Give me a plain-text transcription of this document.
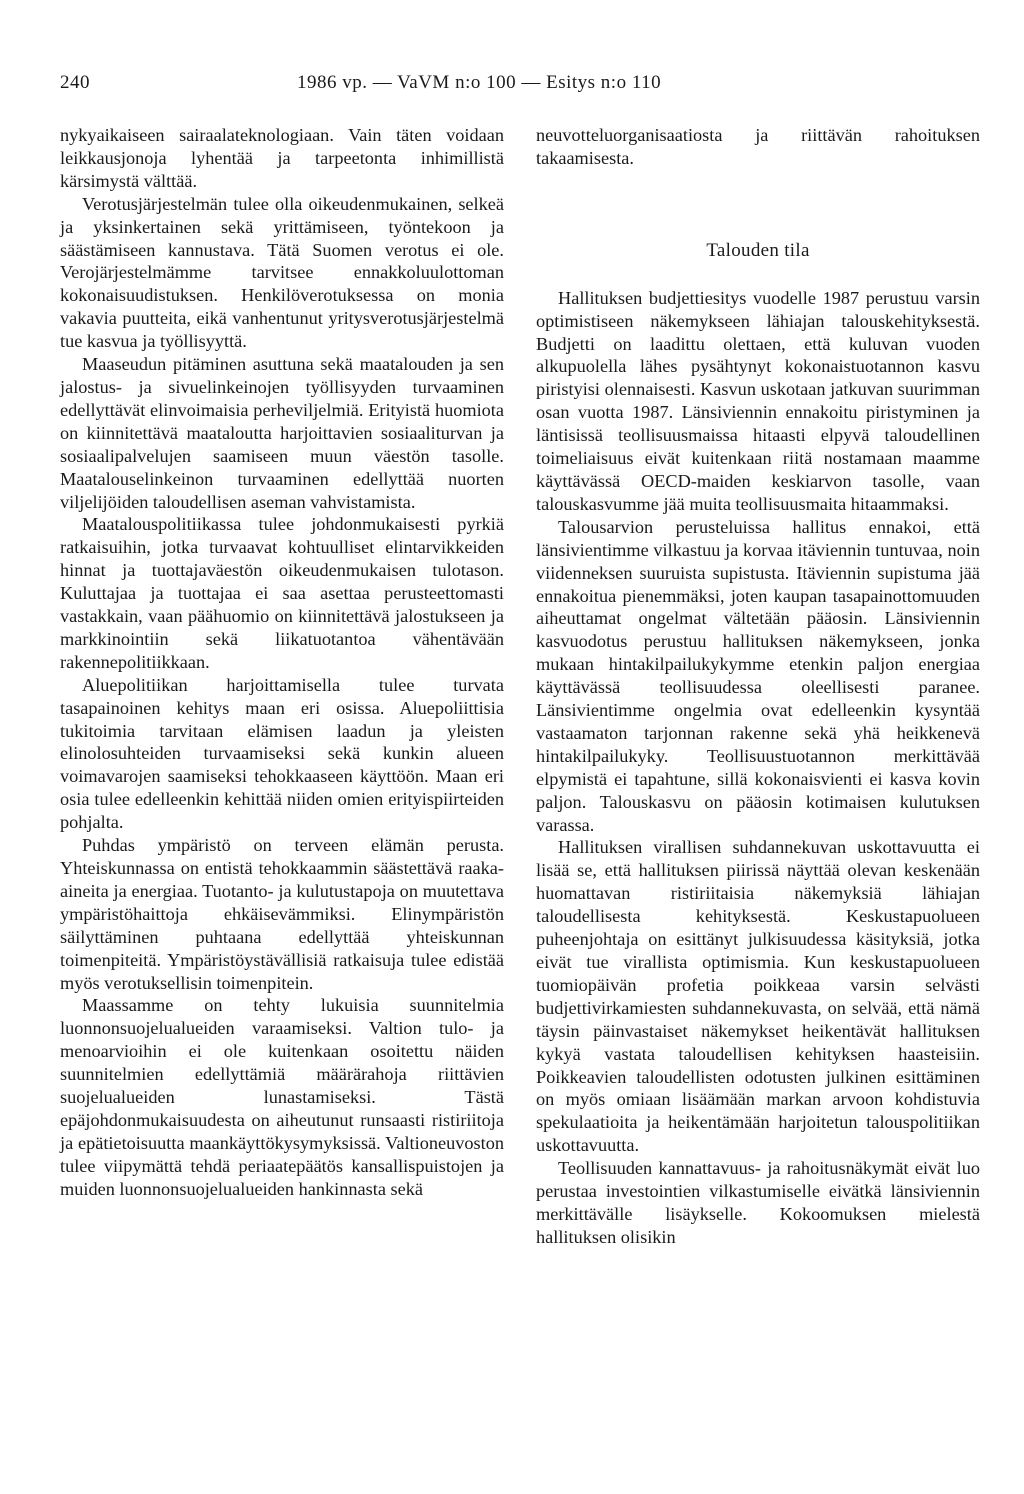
240	1986 vp. — VaVM n:o 100 — Esitys n:o 110

nykyaikaiseen sairaalateknologiaan. Vain täten voidaan leikkausjonoja lyhentää ja tarpeetonta inhimillistä kärsimystä välttää.

Verotusjärjestelmän tulee olla oikeudenmukainen, selkeä ja yksinkertainen sekä yrittämiseen, työntekoon ja säästämiseen kannustava. Tätä Suomen verotus ei ole. Verojärjestelmämme tarvitsee ennakkoluulottoman kokonaisuudistuksen. Henkilöverotuksessa on monia vakavia puutteita, eikä vanhentunut yritysverotusjärjestelmä tue kasvua ja työllisyyttä.

Maaseudun pitäminen asuttuna sekä maatalouden ja sen jalostus- ja sivuelinkeinojen työllisyyden turvaaminen edellyttävät elinvoimaisia perheviljelmiä. Erityistä huomiota on kiinnitettävä maataloutta harjoittavien sosiaaliturvan ja sosiaalipalvelujen saamiseen muun väestön tasolle. Maatalouselinkeinon turvaaminen edellyttää nuorten viljelijöiden taloudellisen aseman vahvistamista.

Maatalouspolitiikassa tulee johdonmukaisesti pyrkiä ratkaisuihin, jotka turvaavat kohtuulliset elintarvikkeiden hinnat ja tuottajaväestön oikeudenmukaisen tulotason. Kuluttajaa ja tuottajaa ei saa asettaa perusteettomasti vastakkain, vaan päähuomio on kiinnitettävä jalostukseen ja markkinointiin sekä liikatuotantoa vähentävään rakennepolitiikkaan.

Aluepolitiikan harjoittamisella tulee turvata tasapainoinen kehitys maan eri osissa. Aluepoliittisia tukitoimia tarvitaan elämisen laadun ja yleisten elinolosuhteiden turvaamiseksi sekä kunkin alueen voimavarojen saamiseksi tehokkaaseen käyttöön. Maan eri osia tulee edelleenkin kehittää niiden omien erityispiirteiden pohjalta.

Puhdas ympäristö on terveen elämän perusta. Yhteiskunnassa on entistä tehokkaammin säästettävä raaka-aineita ja energiaa. Tuotanto- ja kulutustapoja on muutettava ympäristöhaittoja ehkäisevämmiksi. Elinympäristön säilyttäminen puhtaana edellyttää yhteiskunnan toimenpiteitä. Ympäristöystävällisiä ratkaisuja tulee edistää myös verotuksellisin toimenpitein.

Maassamme on tehty lukuisia suunnitelmia luonnonsuojelualueiden varaamiseksi. Valtion tulo- ja menoarvioihin ei ole kuitenkaan osoitettu näiden suunnitelmien edellyttämiä määrärahoja riittävien suojelualueiden lunastamiseksi. Tästä epäjohdonmukaisuudesta on aiheutunut runsaasti ristiriitoja ja epätietoisuutta maankäyttökysymyksissä. Valtioneuvoston tulee viipymättä tehdä periaatepäätös kansallispuistojen ja muiden luonnonsuojelualueiden hankinnasta sekä

neuvotteluorganisaatiosta ja riittävän rahoituksen takaamisesta.

Talouden tila

Hallituksen budjettiesitys vuodelle 1987 perustuu varsin optimistiseen näkemykseen lähiajan talouskehityksestä. Budjetti on laadittu olettaen, että kuluvan vuoden alkupuolella lähes pysähtynyt kokonaistuotannon kasvu piristyisi olennaisesti. Kasvun uskotaan jatkuvan suurimman osan vuotta 1987. Länsiviennin ennakoitu piristyminen ja läntisissä teollisuusmaissa hitaasti elpyvä taloudellinen toimeliaisuus eivät kuitenkaan riitä nostamaan maamme käyttävässä OECD-maiden keskiarvon tasolle, vaan talouskasvumme jää muita teollisuusmaita hitaammaksi.

Talousarvion perusteluissa hallitus ennakoi, että länsivientimme vilkastuu ja korvaa itäviennin tuntuvaa, noin viidenneksen suuruista supistusta. Itäviennin supistuma jää ennakoitua pienemmäksi, joten kaupan tasapainottomuuden aiheuttamat ongelmat vältetään pääosin. Länsiviennin kasvuodotus perustuu hallituksen näkemykseen, jonka mukaan hintakilpailukykymme etenkin paljon energiaa käyttävässä teollisuudessa oleellisesti paranee. Länsivientimme ongelmia ovat edelleenkin kysyntää vastaamaton tarjonnan rakenne sekä yhä heikkenevä hintakilpailukyky. Teollisuustuotannon merkittävää elpymistä ei tapahtune, sillä kokonaisvienti ei kasva kovin paljon. Talouskasvu on pääosin kotimaisen kulutuksen varassa.

Hallituksen virallisen suhdannekuvan uskottavuutta ei lisää se, että hallituksen piirissä näyttää olevan keskenään huomattavan ristiriitaisia näkemyksiä lähiajan taloudellisesta kehityksestä. Keskustapuolueen puheenjohtaja on esittänyt julkisuudessa käsityksiä, jotka eivät tue virallista optimismia. Kun keskustapuolueen tuomiopäivän profetia poikkeaa varsin selvästi budjettivirkamiesten suhdannekuvasta, on selvää, että nämä täysin päinvastaiset näkemykset heikentävät hallituksen kykyä vastata taloudellisen kehityksen haasteisiin. Poikkeavien taloudellisten odotusten julkinen esittäminen on myös omiaan lisäämään markan arvoon kohdistuvia spekulaatioita ja heikentämään harjoitetun talouspolitiikan uskottavuutta.

Teollisuuden kannattavuus- ja rahoitusnäkymät eivät luo perustaa investointien vilkastumiselle eivätkä länsiviennin merkittävälle lisäykselle. Kokoomuksen mielestä hallituksen olisikin
